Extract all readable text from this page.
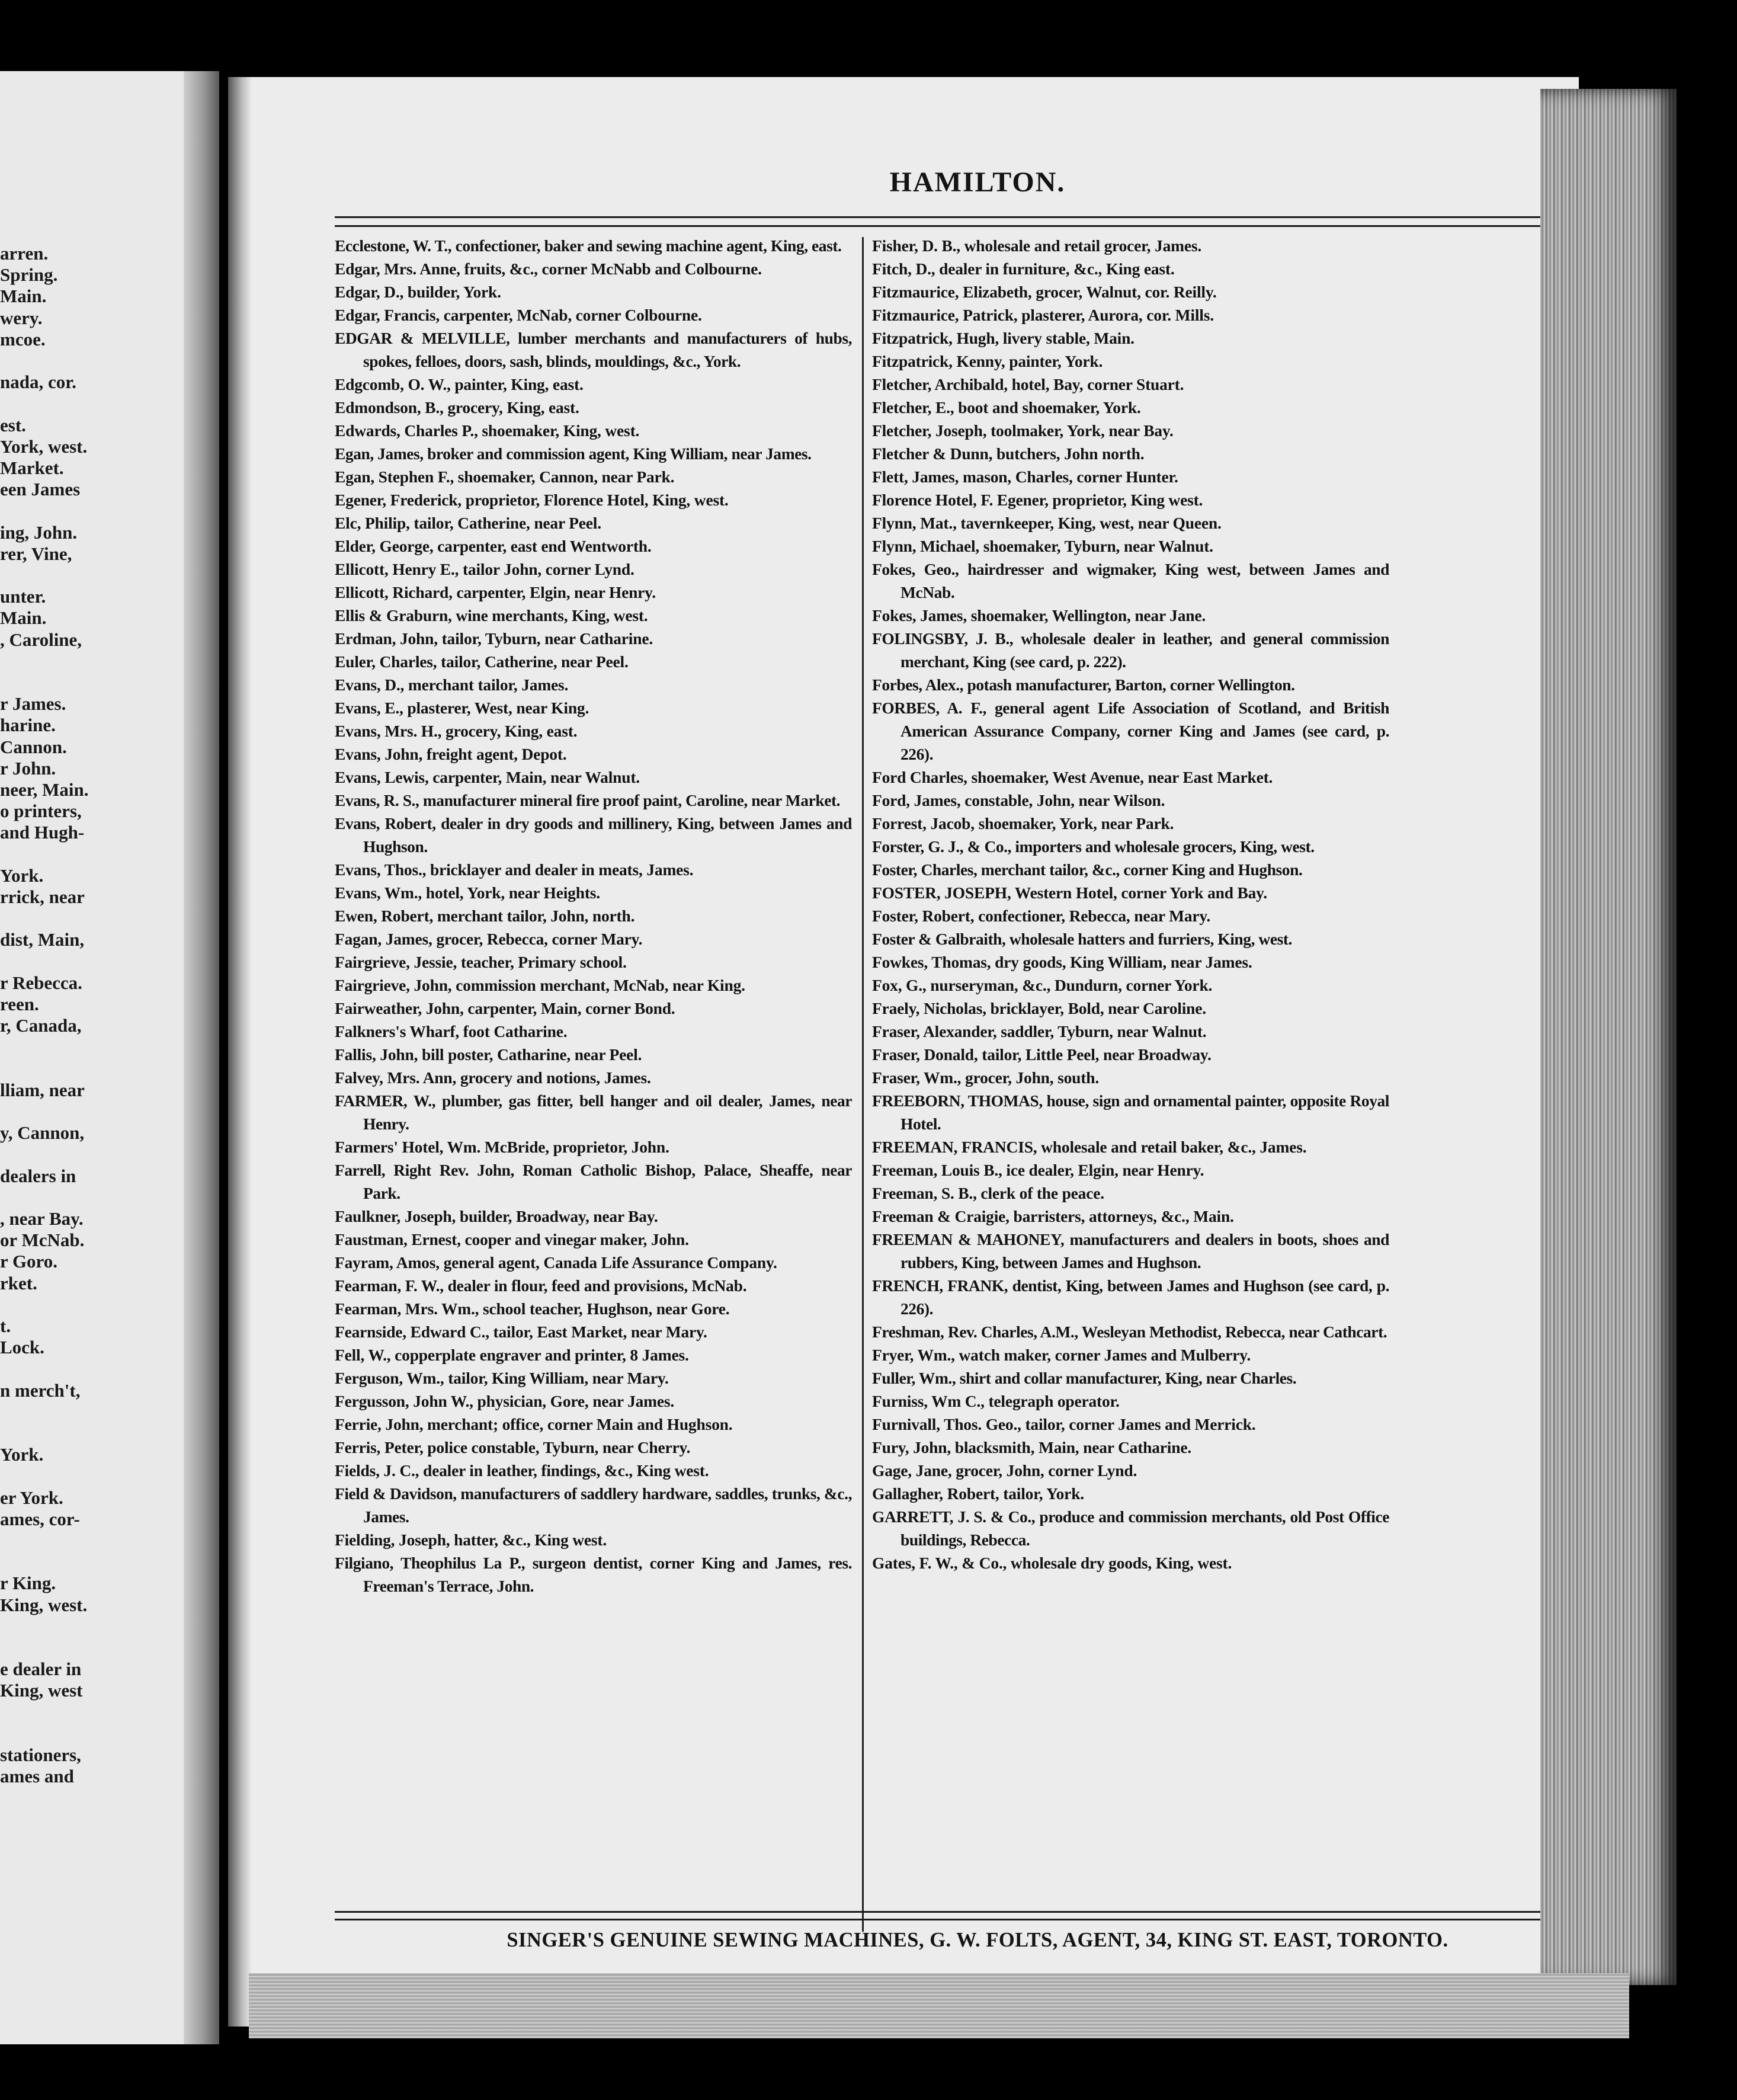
arren.
Spring.
Main.
wery.
mcoe.
nada, cor.
est.
York, west.
Market.
een James
ing, John.
rer, Vine,
unter.
Main.
, Caroline,
r James.
harine.
Cannon.
r John.
neer, Main.
o printers,
and Hugh-
York.
rrick, near
dist, Main,
r Rebecca.
reen.
r, Canada,
lliam, near
y, Cannon,
dealers in
, near Bay.
or McNab.
r Goro.
rket.
t.
Lock.
n merch't,
York.
er York.
ames, cor-
r King.
King, west.
e dealer in
King, west
stationers,
ames and
HAMILTON.

Ecclestone, W. T., confectioner, baker and sewing machine agent, King, east.

Edgar, Mrs. Anne, fruits, &c., corner McNabb and Colbourne.

Edgar, D., builder, York.

Edgar, Francis, carpenter, McNab, corner Colbourne.

EDGAR & MELVILLE, lumber merchants and manufacturers of hubs, spokes, felloes, doors, sash, blinds, mouldings, &c., York.

Edgcomb, O. W., painter, King, east.

Edmondson, B., grocery, King, east.

Edwards, Charles P., shoemaker, King, west.

Egan, James, broker and commission agent, King William, near James.

Egan, Stephen F., shoemaker, Cannon, near Park.

Egener, Frederick, proprietor, Florence Hotel, King, west.

Elc, Philip, tailor, Catherine, near Peel.

Elder, George, carpenter, east end Wentworth.

Ellicott, Henry E., tailor John, corner Lynd.

Ellicott, Richard, carpenter, Elgin, near Henry.

Ellis & Graburn, wine merchants, King, west.

Erdman, John, tailor, Tyburn, near Catharine.

Euler, Charles, tailor, Catherine, near Peel.

Evans, D., merchant tailor, James.

Evans, E., plasterer, West, near King.

Evans, Mrs. H., grocery, King, east.

Evans, John, freight agent, Depot.

Evans, Lewis, carpenter, Main, near Walnut.

Evans, R. S., manufacturer mineral fire proof paint, Caroline, near Market.

Evans, Robert, dealer in dry goods and millinery, King, between James and Hughson.

Evans, Thos., bricklayer and dealer in meats, James.

Evans, Wm., hotel, York, near Heights.

Ewen, Robert, merchant tailor, John, north.

Fagan, James, grocer, Rebecca, corner Mary.

Fairgrieve, Jessie, teacher, Primary school.

Fairgrieve, John, commission merchant, McNab, near King.

Fairweather, John, carpenter, Main, corner Bond.

Falkners's Wharf, foot Catharine.

Fallis, John, bill poster, Catharine, near Peel.

Falvey, Mrs. Ann, grocery and notions, James.

FARMER, W., plumber, gas fitter, bell hanger and oil dealer, James, near Henry.

Farmers' Hotel, Wm. McBride, proprietor, John.

Farrell, Right Rev. John, Roman Catholic Bishop, Palace, Sheaffe, near Park.

Faulkner, Joseph, builder, Broadway, near Bay.

Faustman, Ernest, cooper and vinegar maker, John.

Fayram, Amos, general agent, Canada Life Assurance Company.

Fearman, F. W., dealer in flour, feed and provisions, McNab.

Fearman, Mrs. Wm., school teacher, Hughson, near Gore.

Fearnside, Edward C., tailor, East Market, near Mary.

Fell, W., copperplate engraver and printer, 8 James.

Ferguson, Wm., tailor, King William, near Mary.

Fergusson, John W., physician, Gore, near James.

Ferrie, John, merchant; office, corner Main and Hughson.

Ferris, Peter, police constable, Tyburn, near Cherry.

Fields, J. C., dealer in leather, findings, &c., King west.

Field & Davidson, manufacturers of saddlery hardware, saddles, trunks, &c., James.

Fielding, Joseph, hatter, &c., King west.

Filgiano, Theophilus La P., surgeon dentist, corner King and James, res. Freeman's Terrace, John.

Fisher, D. B., wholesale and retail grocer, James.

Fitch, D., dealer in furniture, &c., King east.

Fitzmaurice, Elizabeth, grocer, Walnut, cor. Reilly.

Fitzmaurice, Patrick, plasterer, Aurora, cor. Mills.

Fitzpatrick, Hugh, livery stable, Main.

Fitzpatrick, Kenny, painter, York.

Fletcher, Archibald, hotel, Bay, corner Stuart.

Fletcher, E., boot and shoemaker, York.

Fletcher, Joseph, toolmaker, York, near Bay.

Fletcher & Dunn, butchers, John north.

Flett, James, mason, Charles, corner Hunter.

Florence Hotel, F. Egener, proprietor, King west.

Flynn, Mat., tavernkeeper, King, west, near Queen.

Flynn, Michael, shoemaker, Tyburn, near Walnut.

Fokes, Geo., hairdresser and wigmaker, King west, between James and McNab.

Fokes, James, shoemaker, Wellington, near Jane.

FOLINGSBY, J. B., wholesale dealer in leather, and general commission merchant, King (see card, p. 222).

Forbes, Alex., potash manufacturer, Barton, corner Wellington.

FORBES, A. F., general agent Life Association of Scotland, and British American Assurance Company, corner King and James (see card, p. 226).

Ford Charles, shoemaker, West Avenue, near East Market.

Ford, James, constable, John, near Wilson.

Forrest, Jacob, shoemaker, York, near Park.

Forster, G. J., & Co., importers and wholesale grocers, King, west.

Foster, Charles, merchant tailor, &c., corner King and Hughson.

FOSTER, JOSEPH, Western Hotel, corner York and Bay.

Foster, Robert, confectioner, Rebecca, near Mary.

Foster & Galbraith, wholesale hatters and furriers, King, west.

Fowkes, Thomas, dry goods, King William, near James.

Fox, G., nurseryman, &c., Dundurn, corner York.

Fraely, Nicholas, bricklayer, Bold, near Caroline.

Fraser, Alexander, saddler, Tyburn, near Walnut.

Fraser, Donald, tailor, Little Peel, near Broadway.

Fraser, Wm., grocer, John, south.

FREEBORN, THOMAS, house, sign and ornamental painter, opposite Royal Hotel.

FREEMAN, FRANCIS, wholesale and retail baker, &c., James.

Freeman, Louis B., ice dealer, Elgin, near Henry.

Freeman, S. B., clerk of the peace.

Freeman & Craigie, barristers, attorneys, &c., Main.

FREEMAN & MAHONEY, manufacturers and dealers in boots, shoes and rubbers, King, between James and Hughson.

FRENCH, FRANK, dentist, King, between James and Hughson (see card, p. 226).

Freshman, Rev. Charles, A.M., Wesleyan Methodist, Rebecca, near Cathcart.

Fryer, Wm., watch maker, corner James and Mulberry.

Fuller, Wm., shirt and collar manufacturer, King, near Charles.

Furniss, Wm C., telegraph operator.

Furnivall, Thos. Geo., tailor, corner James and Merrick.

Fury, John, blacksmith, Main, near Catharine.

Gage, Jane, grocer, John, corner Lynd.

Gallagher, Robert, tailor, York.

GARRETT, J. S. & Co., produce and commission merchants, old Post Office buildings, Rebecca.

Gates, F. W., & Co., wholesale dry goods, King, west.

SINGER'S GENUINE SEWING MACHINES, G. W. FOLTS, AGENT, 34, KING ST. EAST, TORONTO.
